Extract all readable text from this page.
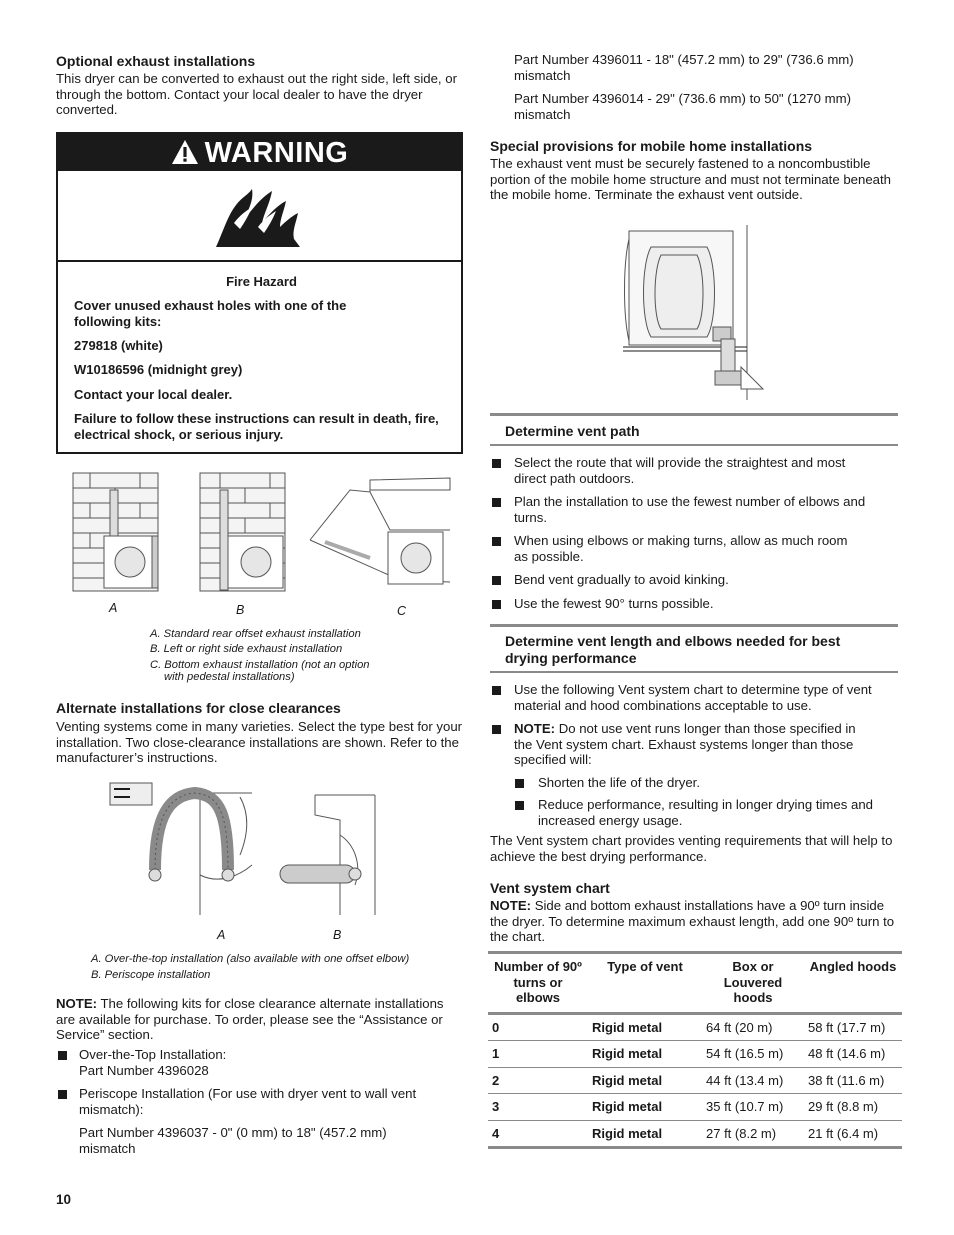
Optional exhaust installations

This dryer can be converted to exhaust out the right side, left side, or through the bottom. Contact your local dealer to have the dryer converted.

WARNING
Fire Hazard
Cover unused exhaust holes with one of the following kits:
279818 (white)
W10186596 (midnight grey)
Contact your local dealer.
Failure to follow these instructions can result in death, fire, electrical shock, or serious injury.
A	B	C
A. Standard rear offset exhaust installation
B. Left or right side exhaust installation
C. Bottom exhaust installation (not an option
with pedestal installations)
Alternate installations for close clearances

Venting systems come in many varieties. Select the type best for your installation. Two close-clearance installations are shown. Refer to the manufacturer’s instructions.

A	B
A. Over-the-top installation (also available with one offset elbow)
B. Periscope installation

NOTE: The following kits for close clearance alternate installations are available for purchase. To order, please see the “Assistance or Service” section.

Over-the-Top Installation:
Part Number 4396028

Periscope Installation (For use with dryer vent to wall vent
mismatch):

Part Number 4396037 - 0" (0 mm) to 18" (457.2 mm)
mismatch

10

Part Number 4396011 - 18" (457.2 mm) to 29" (736.6 mm)
mismatch

Part Number 4396014 - 29" (736.6 mm) to 50" (1270 mm)
mismatch

Special provisions for mobile home installations

The exhaust vent must be securely fastened to a noncombustible portion of the mobile home structure and must not terminate beneath the mobile home. Terminate the exhaust vent outside.

Determine vent path

Select the route that will provide the straightest and most
direct path outdoors.

Plan the installation to use the fewest number of elbows and
turns.

When using elbows or making turns, allow as much room
as possible.

Bend vent gradually to avoid kinking.

Use the fewest 90° turns possible.

Determine vent length and elbows needed for best
drying performance

Use the following Vent system chart to determine type of vent
material and hood combinations acceptable to use.

NOTE: Do not use vent runs longer than those specified in
the Vent system chart. Exhaust systems longer than those
specified will:

Shorten the life of the dryer.

Reduce performance, resulting in longer drying times and
increased energy usage.

The Vent system chart provides venting requirements that will help to achieve the best drying performance.

Vent system chart

NOTE: Side and bottom exhaust installations have a 90º turn inside the dryer. To determine maximum exhaust length, add one 90º turn to the chart.

Number of 90º turns or elbows	Type of vent	Box or Louvered hoods	Angled hoods
0	Rigid metal	64 ft (20 m)	58 ft (17.7 m)
1	Rigid metal	54 ft (16.5 m)	48 ft (14.6 m)
2	Rigid metal	44 ft (13.4 m)	38 ft (11.6 m)
3	Rigid metal	35 ft (10.7 m)	29 ft (8.8 m)
4	Rigid metal	27 ft (8.2 m)	21 ft (6.4 m)
